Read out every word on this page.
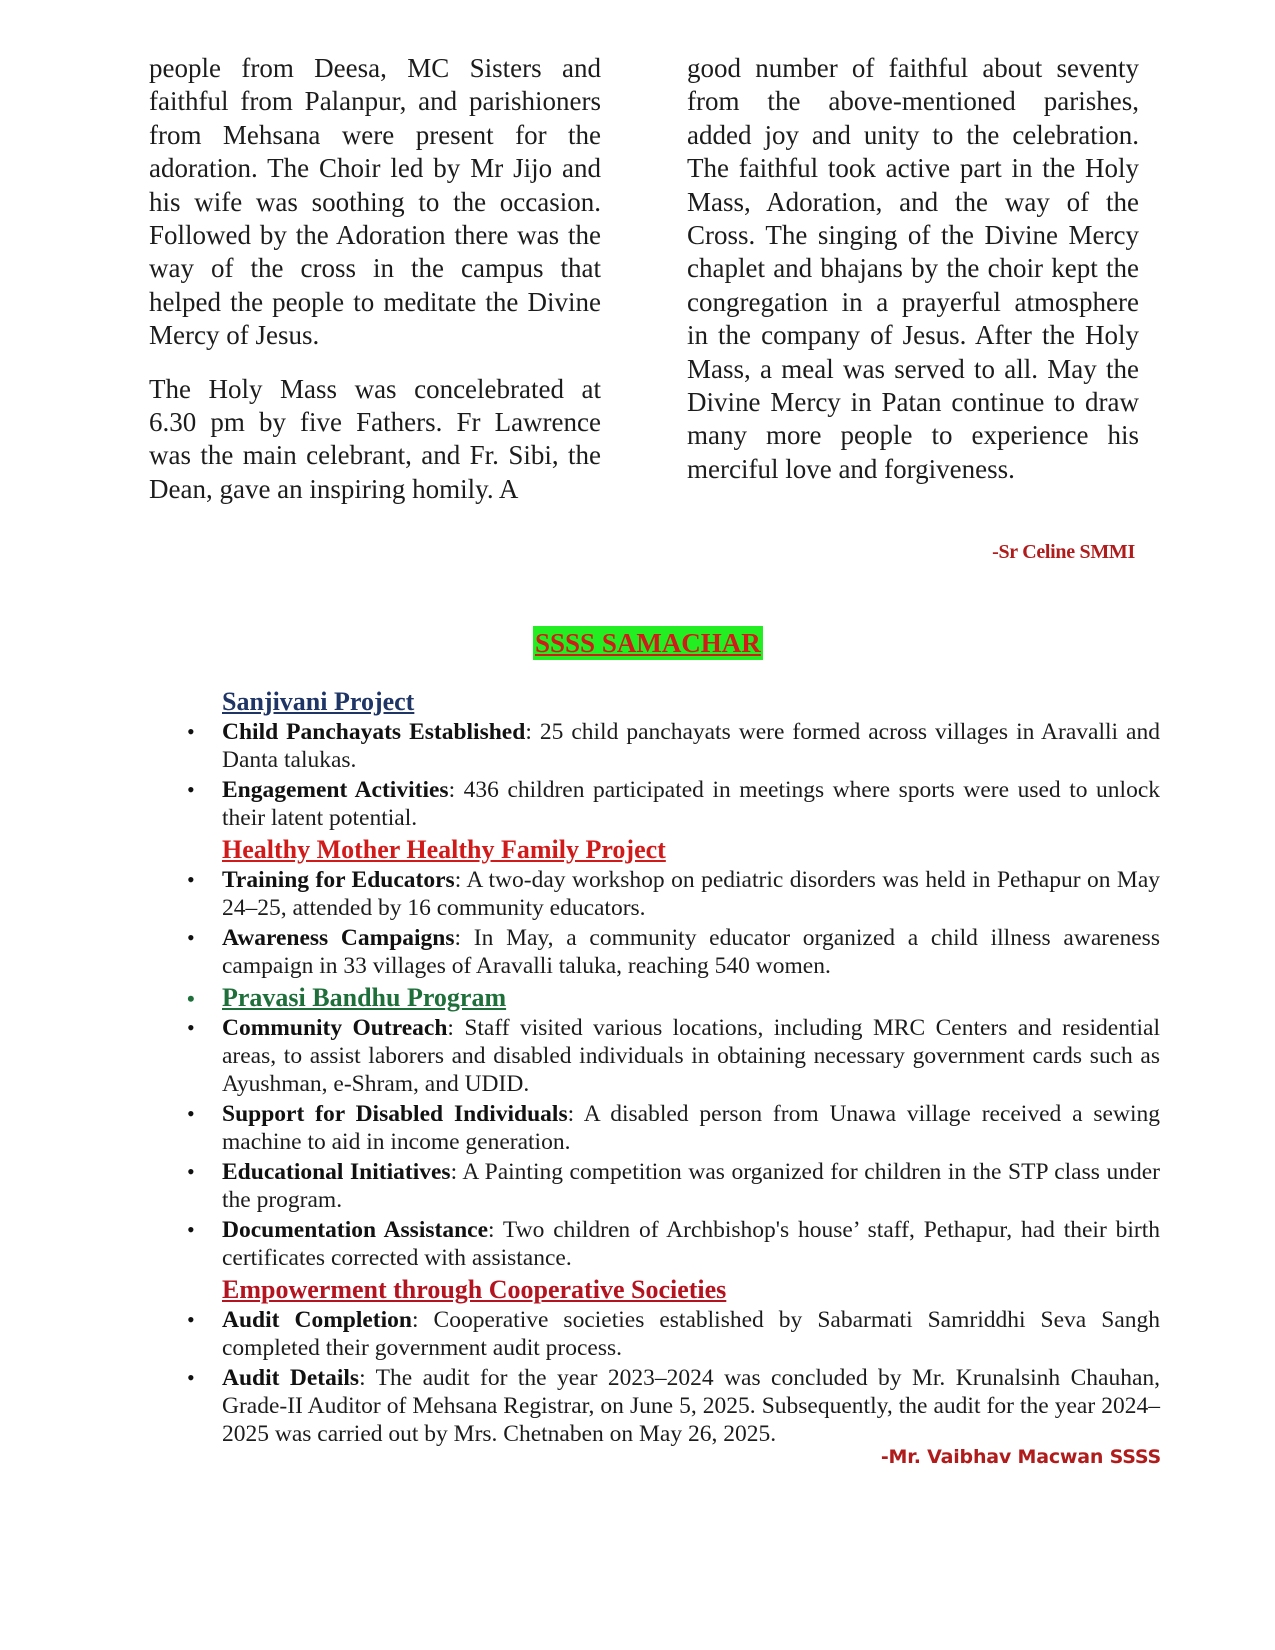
people from Deesa, MC Sisters and faithful from Palanpur, and parishioners from Mehsana were present for the adoration. The Choir led by Mr Jijo and his wife was soothing to the occasion. Followed by the Adoration there was the way of the cross in the campus that helped the people to meditate the Divine Mercy of Jesus.

The Holy Mass was concelebrated at 6.30 pm by five Fathers. Fr Lawrence was the main celebrant, and Fr. Sibi, the Dean, gave an inspiring homily. A

good number of faithful about seventy from the above-mentioned parishes, added joy and unity to the celebration. The faithful took active part in the Holy Mass, Adoration, and the way of the Cross. The singing of the Divine Mercy chaplet and bhajans by the choir kept the congregation in a prayerful atmosphere in the company of Jesus. After the Holy Mass, a meal was served to all. May the Divine Mercy in Patan continue to draw many more people to experience his merciful love and forgiveness.

-Sr Celine SMMI
SSSS SAMACHAR
Sanjivani Project
• Child Panchayats Established: 25 child panchayats were formed across villages in Aravalli and Danta talukas.
• Engagement Activities: 436 children participated in meetings where sports were used to unlock their latent potential.
Healthy Mother Healthy Family Project
• Training for Educators: A two-day workshop on pediatric disorders was held in Pethapur on May 24–25, attended by 16 community educators.
• Awareness Campaigns: In May, a community educator organized a child illness awareness campaign in 33 villages of Aravalli taluka, reaching 540 women.
• Pravasi Bandhu Program
• Community Outreach: Staff visited various locations, including MRC Centers and residential areas, to assist laborers and disabled individuals in obtaining necessary government cards such as Ayushman, e-Shram, and UDID.
• Support for Disabled Individuals: A disabled person from Unawa village received a sewing machine to aid in income generation.
• Educational Initiatives: A Painting competition was organized for children in the STP class under the program.
• Documentation Assistance: Two children of Archbishop's house’ staff, Pethapur, had their birth certificates corrected with assistance.
Empowerment through Cooperative Societies
• Audit Completion: Cooperative societies established by Sabarmati Samriddhi Seva Sangh completed their government audit process.
• Audit Details: The audit for the year 2023–2024 was concluded by Mr. Krunalsinh Chauhan, Grade-II Auditor of Mehsana Registrar, on June 5, 2025. Subsequently, the audit for the year 2024–2025 was carried out by Mrs. Chetnaben on May 26, 2025.
-Mr. Vaibhav Macwan SSSS
